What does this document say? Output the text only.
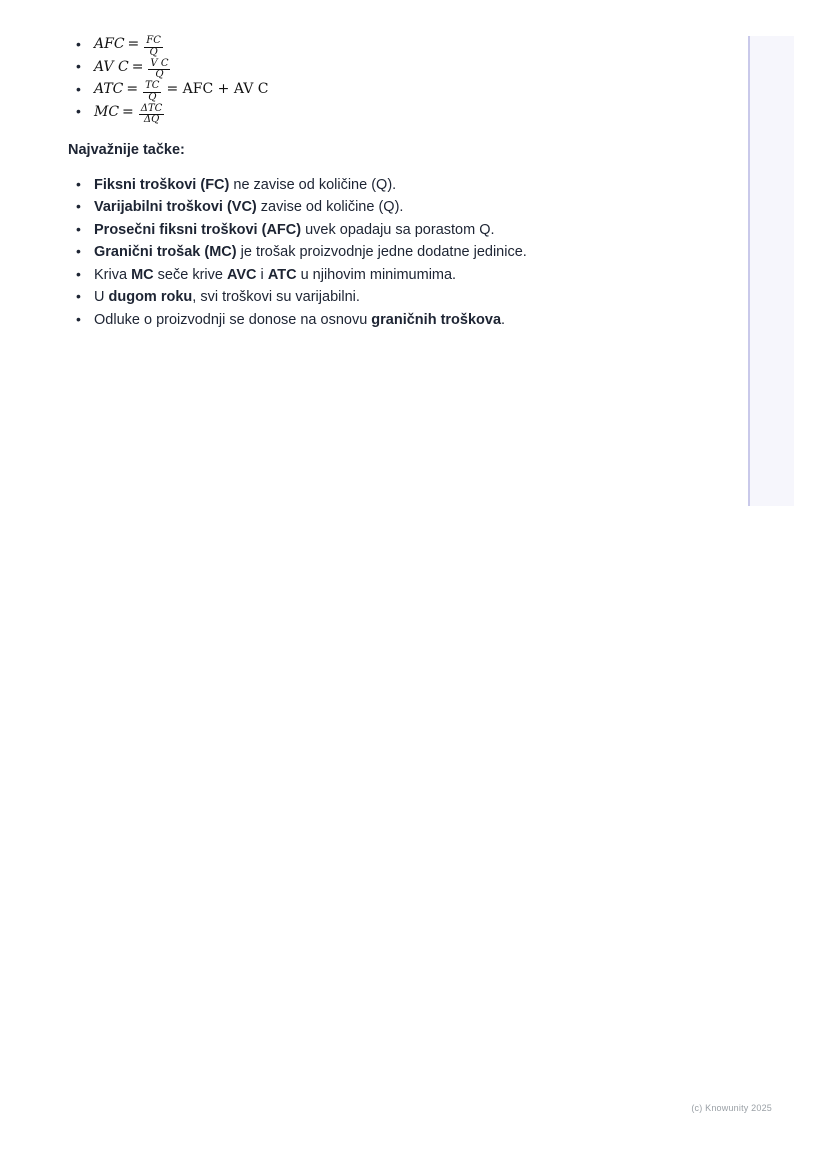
• AFC = $\frac{FC}{Q}$
• AV $C = \frac{\text{V C}}{Q}$
• ATC = $\frac{TC}{Q}$ = AFC + AV C
• MC = $\frac{\text{ΔTC}}{\Delta Q}$
Najvažnije tačke:
• Fiksni troškovi (FC) ne zavise od količine (Q).
• Varijabilni troškovi (VC) zavise od količine (Q).
• Prosečni fiksni troškovi (AFC) uvek opadaju sa porastom Q.
• Granični trošak (MC) je trošak proizvodnje jedne dodatne jedinice.
• Kriva MC seče krive AVC i ATC u njihovim minimumima.
• U dugom roku, svi troškovi su varijabilni.
• Odluke o proizvodnji se donose na osnovu graničnih troškova.
(c) Knowunity 2025
